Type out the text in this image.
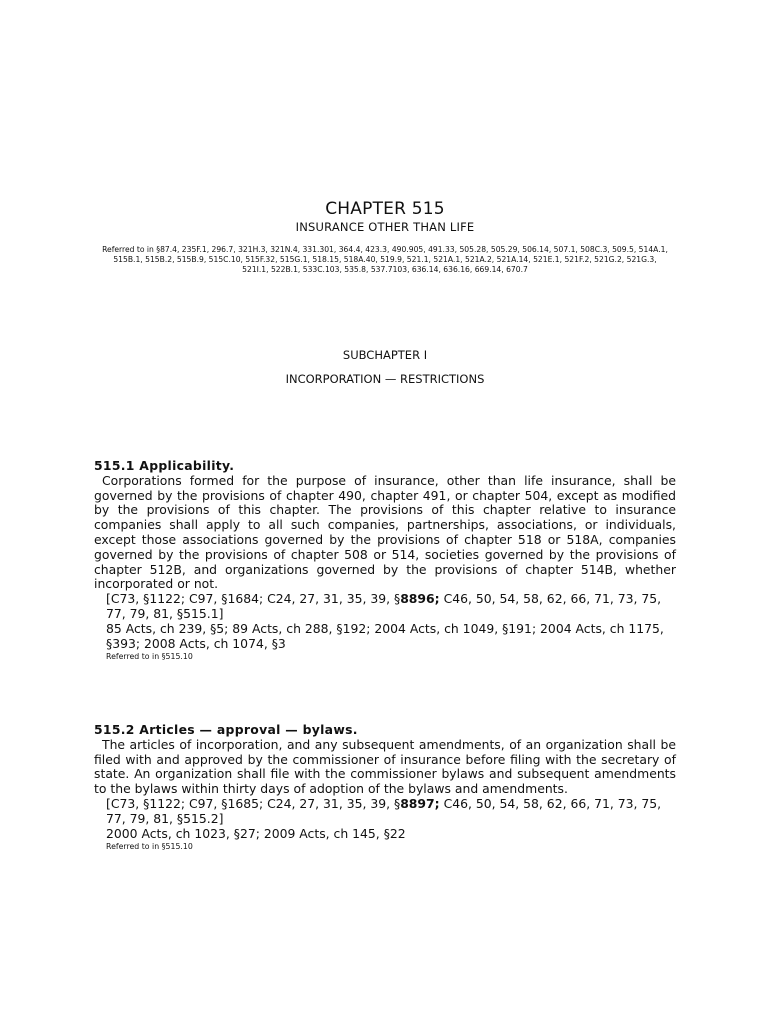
CHAPTER 515
INSURANCE OTHER THAN LIFE
Referred to in §87.4, 235F.1, 296.7, 321H.3, 321N.4, 331.301, 364.4, 423.3, 490.905, 491.33, 505.28, 505.29, 506.14, 507.1, 508C.3, 509.5, 514A.1, 515B.1, 515B.2, 515B.9, 515C.10, 515F.32, 515G.1, 518.15, 518A.40, 519.9, 521.1, 521A.1, 521A.2, 521A.14, 521E.1, 521F.2, 521G.2, 521G.3, 521I.1, 522B.1, 533C.103, 535.8, 537.7103, 636.14, 636.16, 669.14, 670.7
SUBCHAPTER I
INCORPORATION — RESTRICTIONS
515.1 Applicability.
Corporations formed for the purpose of insurance, other than life insurance, shall be governed by the provisions of chapter 490, chapter 491, or chapter 504, except as modified by the provisions of this chapter. The provisions of this chapter relative to insurance companies shall apply to all such companies, partnerships, associations, or individuals, except those associations governed by the provisions of chapter 518 or 518A, companies governed by the provisions of chapter 508 or 514, societies governed by the provisions of chapter 512B, and organizations governed by the provisions of chapter 514B, whether incorporated or not.
[C73, §1122; C97, §1684; C24, 27, 31, 35, 39, §8896; C46, 50, 54, 58, 62, 66, 71, 73, 75, 77, 79, 81, §515.1]
85 Acts, ch 239, §5; 89 Acts, ch 288, §192; 2004 Acts, ch 1049, §191; 2004 Acts, ch 1175, §393; 2008 Acts, ch 1074, §3
Referred to in §515.10
515.2 Articles — approval — bylaws.
The articles of incorporation, and any subsequent amendments, of an organization shall be filed with and approved by the commissioner of insurance before filing with the secretary of state. An organization shall file with the commissioner bylaws and subsequent amendments to the bylaws within thirty days of adoption of the bylaws and amendments.
[C73, §1122; C97, §1685; C24, 27, 31, 35, 39, §8897; C46, 50, 54, 58, 62, 66, 71, 73, 75, 77, 79, 81, §515.2]
2000 Acts, ch 1023, §27; 2009 Acts, ch 145, §22
Referred to in §515.10
